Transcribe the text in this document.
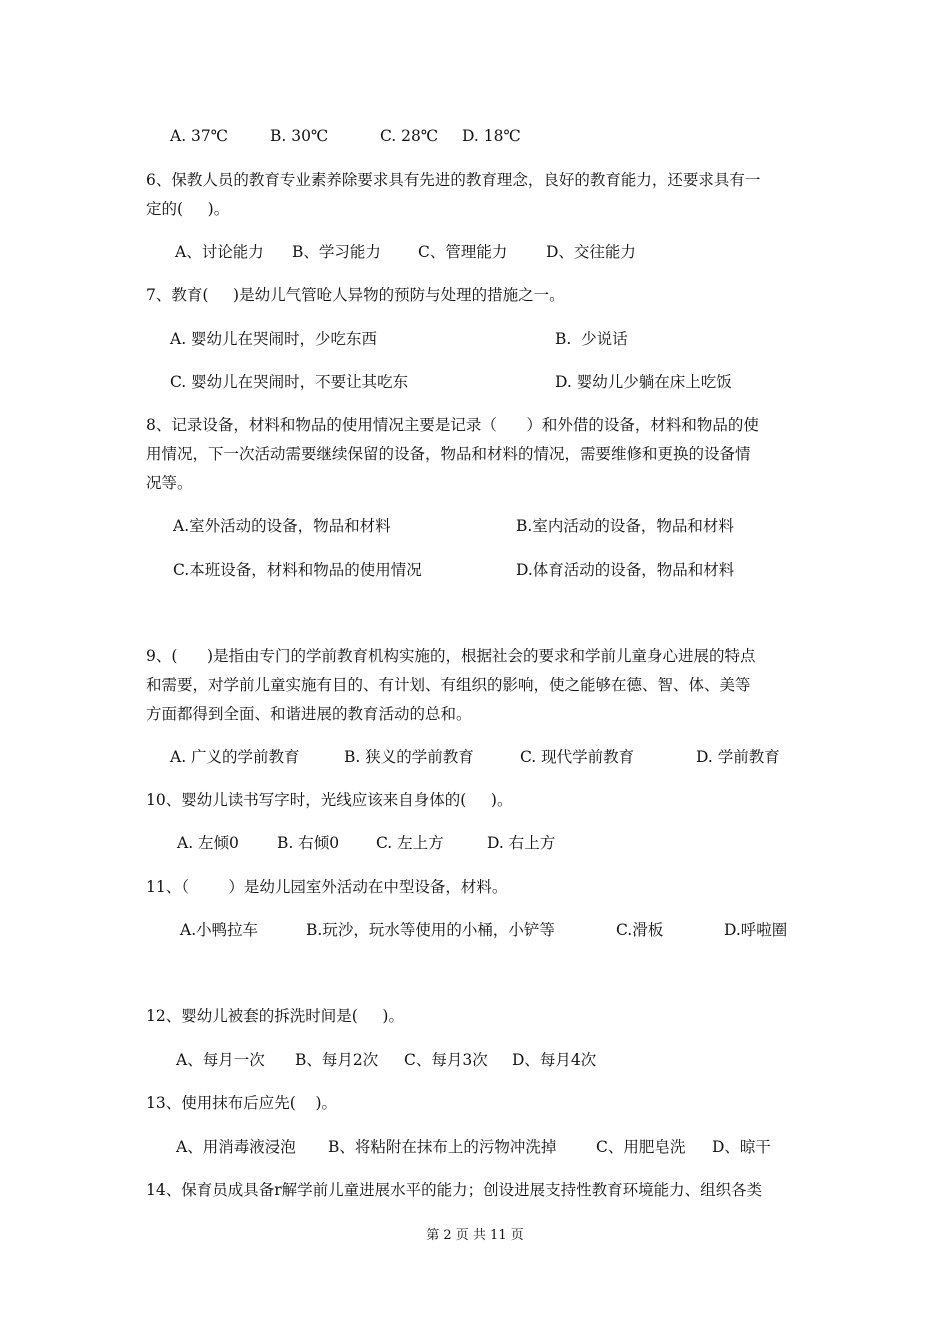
A. 37℃	B. 30℃	C. 28℃ D. 18℃
6、保教人员的教育专业素养除要求具有先进的教育理念，良好的教育能力，还要求具有一
定的(     )。
A、讨论能力 B、学习能力 C、管理能力 D、交往能力
7、教育(     )是幼儿气管呛人异物的预防与处理的措施之一。
A. 婴幼儿在哭闹时，少吃东西	B.  少说话
C. 婴幼儿在哭闹时，不要让其吃东	D. 婴幼儿少躺在床上吃饭
8、记录设备，材料和物品的使用情况主要是记录（      ）和外借的设备，材料和物品的使
用情况，下一次活动需要继续保留的设备，物品和材料的情况，需要维修和更换的设备情
况等。
A.室外活动的设备，物品和材料	B.室内活动的设备，物品和材料
C.本班设备，材料和物品的使用情况	D.体育活动的设备，物品和材料
9、(      )是指由专门的学前教育机构实施的，根据社会的要求和学前儿童身心进展的特点
和需要，对学前儿童实施有目的、有计划、有组织的影响，使之能够在德、智、体、美等
方面都得到全面、和谐进展的教育活动的总和。
A. 广义的学前教育	B. 狭义的学前教育	C. 现代学前教育	D. 学前教育
10、婴幼儿读书写字时，光线应该来自身体的(     )。
A. 左倾0 B. 右倾0 C. 左上方	D. 右上方
11、（        ）是幼儿园室外活动在中型设备，材料。
A.小鸭拉车	B.玩沙，玩水等使用的小桶，小铲等	C.滑板	D.呼啦圈
12、婴幼儿被套的拆洗时间是(     )。
A、每月一次 B、每月2次 C、每月3次 D、每月4次
13、使用抹布后应先(    )。
A、用消毒液浸泡 B、将粘附在抹布上的污物冲洗掉	C、用肥皂洗 D、晾干
14、保育员成具备r解学前儿童进展水平的能力；创设进展支持性教育环境能力、组织各类
第 2 页 共 11 页
